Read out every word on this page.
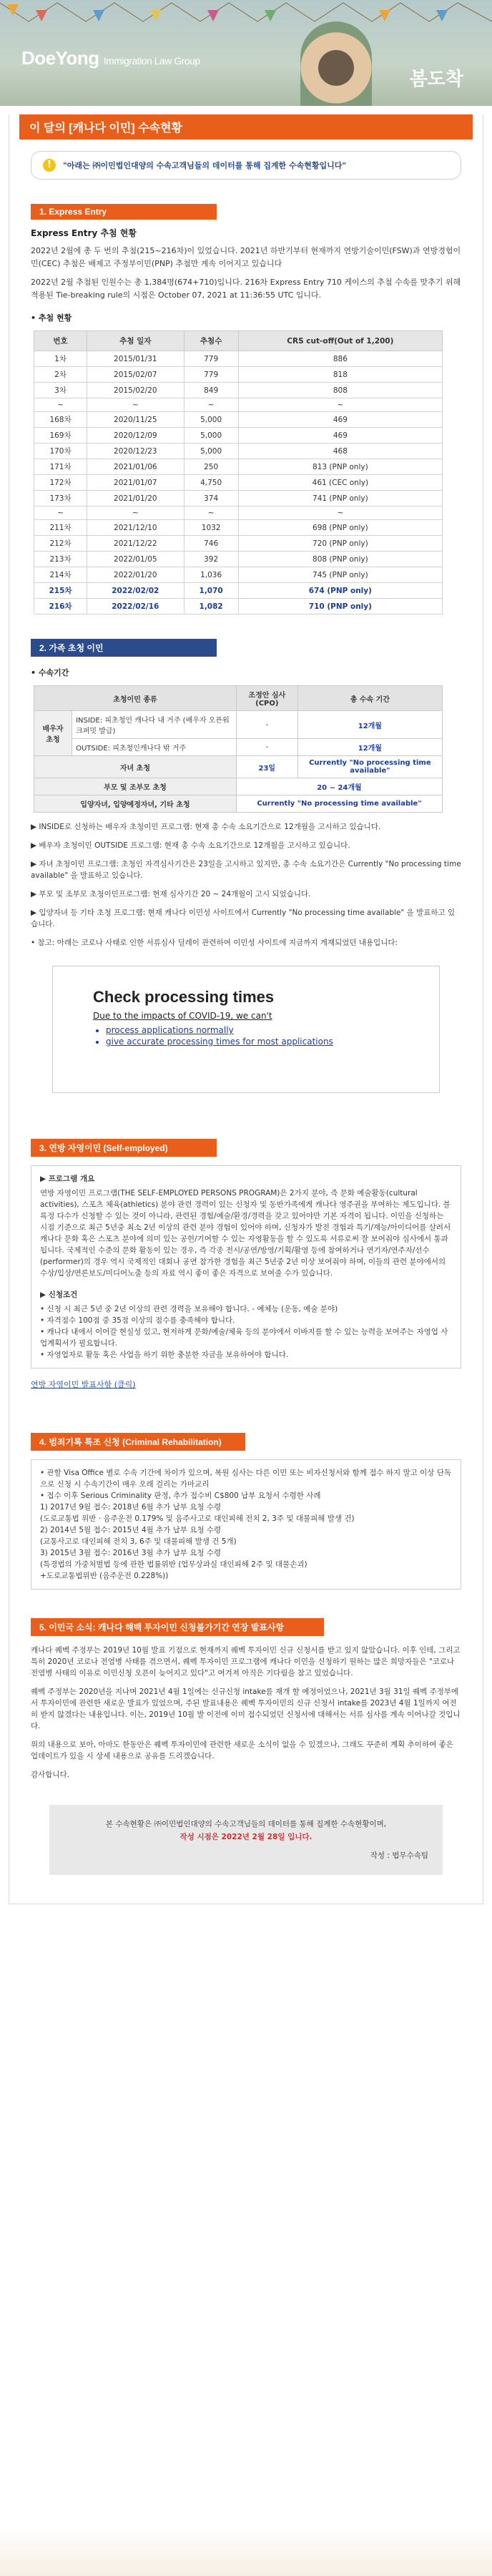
DoeYong Immigration Law Group
봄도착
이 달의 [캐나다 이민] 수속현황
!	"아래는 ㈜이민법인대양의 수속고객님들의 데이터를 통해 집계한 수속현황입니다"
1. Express Entry
Express Entry 추첨 현황
2022년 2월에 총 두 번의 추첨(215~216차)이 있었습니다. 2021년 하반기부터 현재까지 연방기술이민(FSW)과 연방경험이민(CEC) 추첨은 배제고 주정부이민(PNP) 추첨만 계속 이어지고 있습니다
2022년 2월 추첨된 인원수는 총 1,384명(674+710)입니다. 216차 Express Entry 710 케이스의 추첨 수속를 맞추기 위해 적용된 Tie-breaking rule의 시점은 October 07, 2021 at 11:36:55 UTC 입니다.
• 추첨 현황
번호	추첨 일자	추첨수	CRS cut-off(Out of 1,200)
1차	2015/01/31	779	886
2차	2015/02/07	779	818
3차	2015/02/20	849	808
~	~	~	~
168차	2020/11/25	5,000	469
169차	2020/12/09	5,000	469
170차	2020/12/23	5,000	468
171차	2021/01/06	250	813 (PNP only)
172차	2021/01/07	4,750	461 (CEC only)
173차	2021/01/20	374	741 (PNP only)
~	~	~	~
211차	2021/12/10	1032	698 (PNP only)
212차	2021/12/22	746	720 (PNP only)
213차	2022/01/05	392	808 (PNP only)
214차	2022/01/20	1,036	745 (PNP only)
215차	2022/02/02	1,070	674 (PNP only)
216차	2022/02/16	1,082	710 (PNP only)
2. 가족 초청 이민
• 수속기간
초청이민 종류		조정안 심사 (CPO)	총 수속 기간
배우자 초청	INSIDE: 피초청인 캐나다 내 거주 (배우자 오픈워크퍼밋 발급)	-	12개월
	OUTSIDE: 피초청인캐나다 밖 거주	-	12개월
자녀 초청		23일	Currently "No processing time available"
부모 및 조부모 초청		20 ~ 24개월	
입양자녀, 입양예정자녀, 기타 초청		Currently "No processing time available"	

▶ INSIDE로 신청하는 배우자 초청이민 프로그램: 현재 총 수속 소요기간으로 12개월을 고시하고 있습니다.

▶ 배우자 초청이민 OUTSIDE 프로그램: 현재 총 수속 소요기간으로 12개월을 고시하고 있습니다.

▶ 자녀 초청이민 프로그램: 초청인 자격심사기간은 23일을 고시하고 있지만, 총 수속 소요기간은 Currently "No processing time available" 을 발표하고 있습니다.

▶ 부모 및 조부모 초청이민프로그램: 현재 심사기간 20 ~ 24개월이 고시 되었습니다.

▶ 입양자녀 등 기타 초청 프로그램: 현재 캐나다 이민성 사이트에서 Currently "No processing time available" 을 발표하고 있습니다.

• 참고: 아래는 코로나 사태로 인한 서류심사 딜레이 관련하여 이민성 사이트에 지금까지 게재되었던 내용입니다:

Check processing times
Due to the impacts of COVID-19, we can't
• process applications normally
• give accurate processing times for most applications
3. 연방 자영이민 (Self-employed)
▶ 프로그램 개요
연방 자영이민 프로그램(THE SELF-EMPLOYED PERSONS PROGRAM)은 2가지 분야, 즉 문화 예술활동(cultural activities), 스포츠 체육(athletics) 분야 관련 경력이 있는 신청자 및 동반가족에게 캐나다 영주권을 부여하는 제도입니다. 블록정 다수가 신청할 수 있는 것이 아니라, 관련된 경험/예술/환경/경력을 갖고 있어야만 기본 자격이 됩니다. 이민을 신청하는 시점 기준으로 최근 5년중 최소 2년 이상의 관련 분야 경험이 있어야 하며, 신청자가 발전 경험과 특기/재능/아이디어를 살려서 캐나다 문화 혹은 스포츠 분야에 의미 있는 공헌/기여할 수 있는 자영활동을 할 수 있도록 서류로써 잘 보여줘야 심사에서 통과됩니다. 국제적인 수준의 문화 활동이 있는 경우, 즉 각종 전시/공연/방영/기획/활영 등에 참여하거나 연기자/연주자/선수(performer)의 경우 역시 국제적인 대회나 공연 참가한 경험을 최근 5년중 2년 이상 보여줘야 하며, 이들의 관련 분야에서의 수상/입상/연론보도/미디어노출 등의 자료 역시 좋이 좋은 자격으로 보여줄 수가 있습니다.
▶ 신청조건
• 신청 시 최근 5년 중 2년 이상의 관련 경력을 보유해야 합니다. - 예체능 (운동, 예술 분야)
• 자격점수 100점 중 35점 이상의 점수를 충족해야 합니다.
• 캐나다 내에서 이어갈 현실성 있고, 현저하게 문화/예술/체육 등의 분야에서 이바지를 할 수 있는 능력을 보여주는 자영업 사업계획서가 필요합니다.
• 자영업자로 활동 혹은 사업을 하기 위한 충분한 자금을 보유하여야 합니다.
연방 자영이민 발표사항 (클릭)
4. 범죄기록 특조 신청 (Criminal Rehabilitation)
• 관할 Visa Office 별로 수속 기간에 차이가 있으며, 복원 심사는 다른 이민 또는 비자신청서와 함께 접수 하지 말고 이상 단독으로 신청 시 수속기간이 매우 오래 걸리는 가마교리
• 접수 이후 Serious Criminality 판정, 추가 접수비 C$800 납부 요청서 수령한 사례
1) 2017년 9월 접수: 2018년 6월 추가 납부 요청 수령
(도로교통법 위반 · 음주운전 0.179% 및 음주사고로 대인피해 전치 2, 3주 및 대물피해 발생 건)
2) 2014년 5월 접수: 2015년 4월 추가 납부 요청 수령
(교통사고로 대인피해 전치 3, 6주 및 대물피해 발생 건 5개)
3) 2015년 3월 접수: 2016년 3월 추가 납부 요청 수령
(특경법의 가중처벌법 등에 관한 법률위반 (업무상과실 대인피해 2주 및 대물손괴)
+도로교통법위반 (음주운전 0.228%))
5. 이민국 소식: 캐나다 해백 투자이민 신청불가기간 연장 발표사항

캐나다 퀘벡 주정부는 2019년 10월 발표 기점으로 현재까지 퀘벡 투자이민 신규 신청서를 받고 있지 않았습니다. 이후 인테, 그리고 특히 2020년 코로나 전염병 사태를 겪으면서, 퀘벡 투자이민 프로그램에 캐나다 이민을 신청하기 원하는 많은 희망자들은 "코로나 전염병 사태의 이유로 이민신청 오픈이 늦어지고 있다"고 여겨져 아직은 기다림을 참고 있었습니다.

퀘벡 주정부는 2020년을 지나며 2021년 4월 1일에는 신규신청 intake를 재개 할 예정이었으나, 2021년 3월 31일 퀘벡 주정부에서 투자이민에 관련한 새로운 발표가 있었으며, 주된 발표내용은 퀘벡 투자이민의 신규 신청서 intake를 2023년 4월 1일까지 여전히 받지 않겠다는 내용입니다. 이는, 2019년 10월 발 이전에 이미 접수되었던 신청서에 대해서는 서류 심사를 계속 이어나갈 것입니다.

위의 내용으로 보아, 아마도 한동안은 퀘벡 투자이민에 관련한 새로운 소식이 없을 수 있겠으나, 그래도 꾸준히 계획 추이하여 좋은 업데이트가 있을 시 상세 내용으로 공유를 드리겠습니다.

감사합니다.

본 수속현황은 ㈜이민법인대양의 수속고객님들의 데이터를 통해 집계한 수속현황이며,
작성 시점은 2022년 2월 28일 입니다.
작성 : 법무수속팀
